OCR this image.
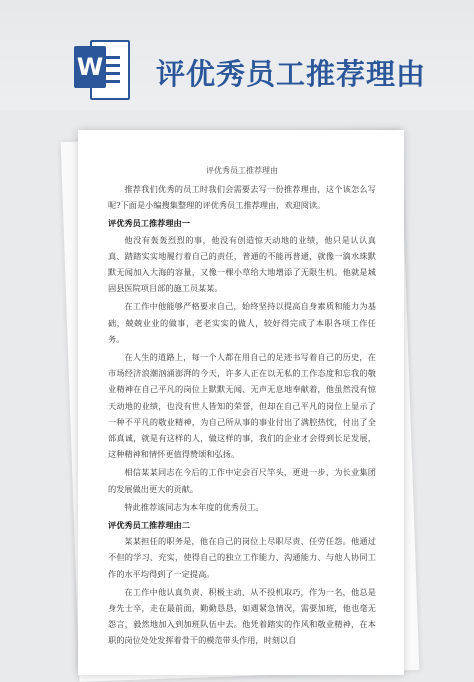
W 评优秀员工推荐理由
评优秀员工推荐理由

推荐我们优秀的员工时我们会需要去写一份推荐理由，这个该怎么写呢?下面是小编搜集整理的评优秀员工推荐理由，欢迎阅读。

评优秀员工推荐理由一

他没有轰轰烈烈的事，他没有创造惊天动地的业绩，他只是认认真真、踏踏实实地履行着自己的责任，普通的不能再普通，就像一滴水珠默默无闻加入大海的容量，又像一棵小草给大地增添了无限生机。他就是城固县医院项目部的施工员某某。

在工作中他能够严格要求自己，始终坚持以提高自身素质和能力为基础，兢兢业业的做事，老老实实的做人，较好得完成了本职各项工作任务。

在人生的道路上，每一个人都在用自己的足迹书写着自己的历史，在市场经济浪潮汹涌澎湃的今天，许多人正在以无私的工作态度和忘我的敬业精神在自己平凡的岗位上默默无闻、无声无息地奉献着，他虽然没有惊天动地的业绩，也没有世人皆知的荣誉，但却在自己平凡的岗位上显示了一种不平凡的敬业精神，为自己所从事的事业付出了满腔热忱，付出了全部真诚，就是有这样的人，做这样的事，我们的企业才会得到长足发展，这种精神和情怀更值得赞颂和弘扬。

相信某某同志在今后的工作中定会百尺竿头，更进一步，为长业集团的发展做出更大的贡献。

特此推荐该同志为本年度的优秀员工。

评优秀员工推荐理由二

某某担任的职务是，他在自己的岗位上尽职尽责、任劳任怨。他通过不但的学习、充实，使得自己的独立工作能力、沟通能力、与他人协同工作的水平均得到了一定提高。

在工作中他认真负责、积极主动、从不投机取巧，作为一名，他总是身先士卒，走在最前面，勤勤恳恳，如遇紧急情况，需要加班，他也毫无怨言，毅然地加入到加班队伍中去。他凭着踏实的作风和敬业精神，在本职的岗位处处发挥着骨干的模范带头作用，时刻以自
